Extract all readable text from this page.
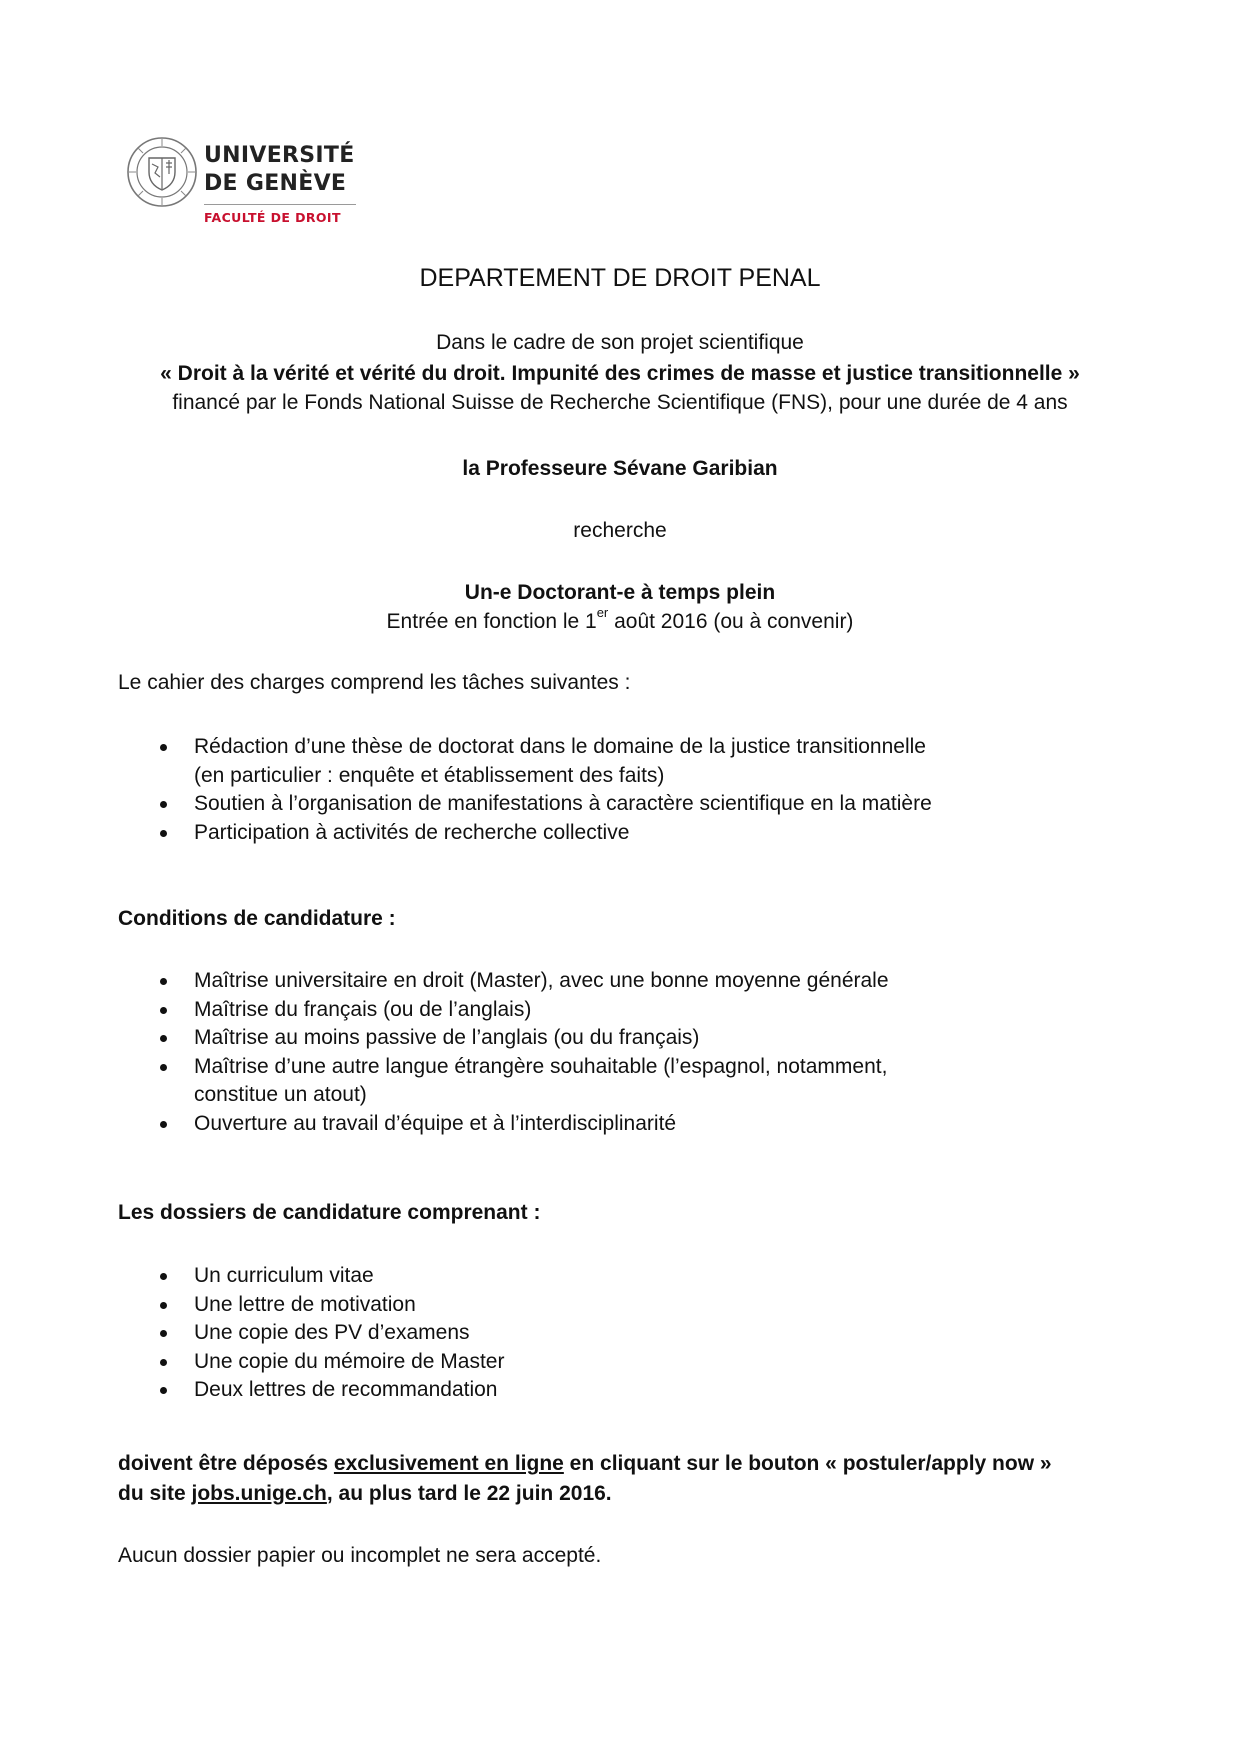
UNIVERSITÉ
DE GENÈVE
FACULTÉ DE DROIT
DEPARTEMENT DE DROIT PENAL
Dans le cadre de son projet scientifique
« Droit à la vérité et vérité du droit. Impunité des crimes de masse et justice transitionnelle »
financé par le Fonds National Suisse de Recherche Scientifique (FNS), pour une durée de 4 ans
la Professeure Sévane Garibian
recherche
Un-e Doctorant-e à temps plein
Entrée en fonction le 1er août 2016 (ou à convenir)
Le cahier des charges comprend les tâches suivantes :
Rédaction d’une thèse de doctorat dans le domaine de la justice transitionnelle
(en particulier : enquête et établissement des faits)
Soutien à l’organisation de manifestations à caractère scientifique en la matière
Participation à activités de recherche collective
Conditions de candidature :
Maîtrise universitaire en droit (Master), avec une bonne moyenne générale
Maîtrise du français (ou de l’anglais)
Maîtrise au moins passive de l’anglais (ou du français)
Maîtrise d’une autre langue étrangère souhaitable (l’espagnol, notamment,
constitue un atout)
Ouverture au travail d’équipe et à l’interdisciplinarité
Les dossiers de candidature comprenant :
Un curriculum vitae
Une lettre de motivation
Une copie des PV d’examens
Une copie du mémoire de Master
Deux lettres de recommandation
doivent être déposés exclusivement en ligne en cliquant sur le bouton « postuler/apply now »
du site jobs.unige.ch, au plus tard le 22 juin 2016.
Aucun dossier papier ou incomplet ne sera accepté.
